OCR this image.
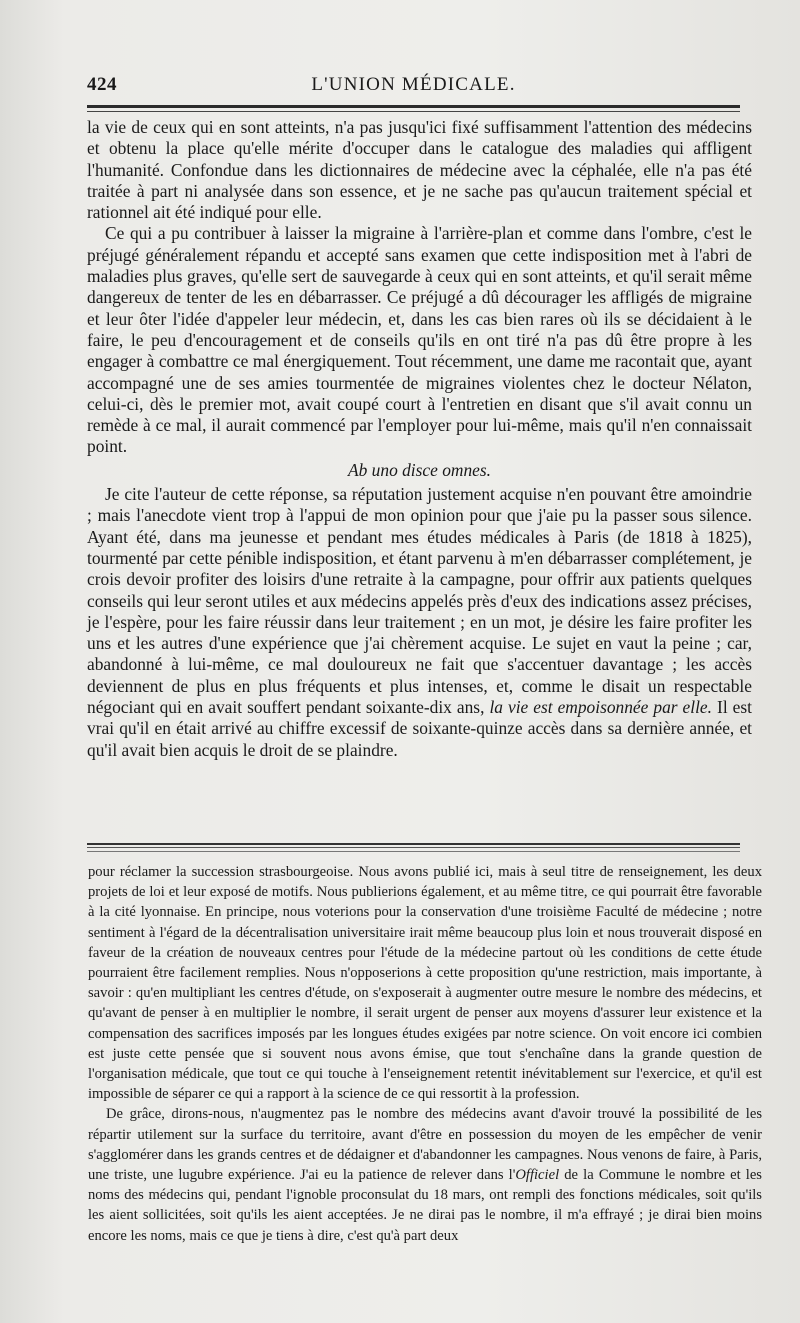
424	L'UNION MÉDICALE.

la vie de ceux qui en sont atteints, n'a pas jusqu'ici fixé suffisamment l'attention des médecins et obtenu la place qu'elle mérite d'occuper dans le catalogue des maladies qui affligent l'humanité. Confondue dans les dictionnaires de médecine avec la céphalée, elle n'a pas été traitée à part ni analysée dans son essence, et je ne sache pas qu'aucun traitement spécial et rationnel ait été indiqué pour elle.

Ce qui a pu contribuer à laisser la migraine à l'arrière-plan et comme dans l'ombre, c'est le préjugé généralement répandu et accepté sans examen que cette indisposition met à l'abri de maladies plus graves, qu'elle sert de sauvegarde à ceux qui en sont atteints, et qu'il serait même dangereux de tenter de les en débarrasser. Ce préjugé a dû décourager les affligés de migraine et leur ôter l'idée d'appeler leur médecin, et, dans les cas bien rares où ils se décidaient à le faire, le peu d'encouragement et de conseils qu'ils en ont tiré n'a pas dû être propre à les engager à combattre ce mal énergiquement. Tout récemment, une dame me racontait que, ayant accompagné une de ses amies tourmentée de migraines violentes chez le docteur Nélaton, celui-ci, dès le premier mot, avait coupé court à l'entretien en disant que s'il avait connu un remède à ce mal, il aurait commencé par l'employer pour lui-même, mais qu'il n'en connaissait point.

Ab uno disce omnes.

Je cite l'auteur de cette réponse, sa réputation justement acquise n'en pouvant être amoindrie ; mais l'anecdote vient trop à l'appui de mon opinion pour que j'aie pu la passer sous silence. Ayant été, dans ma jeunesse et pendant mes études médicales à Paris (de 1818 à 1825), tourmenté par cette pénible indisposition, et étant parvenu à m'en débarrasser complétement, je crois devoir profiter des loisirs d'une retraite à la campagne, pour offrir aux patients quelques conseils qui leur seront utiles et aux médecins appelés près d'eux des indications assez précises, je l'espère, pour les faire réussir dans leur traitement ; en un mot, je désire les faire profiter les uns et les autres d'une expérience que j'ai chèrement acquise. Le sujet en vaut la peine ; car, abandonné à lui-même, ce mal douloureux ne fait que s'accentuer davantage ; les accès deviennent de plus en plus fréquents et plus intenses, et, comme le disait un respectable négociant qui en avait souffert pendant soixante-dix ans, la vie est empoisonnée par elle. Il est vrai qu'il en était arrivé au chiffre excessif de soixante-quinze accès dans sa dernière année, et qu'il avait bien acquis le droit de se plaindre.

pour réclamer la succession strasbourgeoise. Nous avons publié ici, mais à seul titre de renseignement, les deux projets de loi et leur exposé de motifs. Nous publierions également, et au même titre, ce qui pourrait être favorable à la cité lyonnaise. En principe, nous voterions pour la conservation d'une troisième Faculté de médecine ; notre sentiment à l'égard de la décentralisation universitaire irait même beaucoup plus loin et nous trouverait disposé en faveur de la création de nouveaux centres pour l'étude de la médecine partout où les conditions de cette étude pourraient être facilement remplies. Nous n'opposerions à cette proposition qu'une restriction, mais importante, à savoir : qu'en multipliant les centres d'étude, on s'exposerait à augmenter outre mesure le nombre des médecins, et qu'avant de penser à en multiplier le nombre, il serait urgent de penser aux moyens d'assurer leur existence et la compensation des sacrifices imposés par les longues études exigées par notre science. On voit encore ici combien est juste cette pensée que si souvent nous avons émise, que tout s'enchaîne dans la grande question de l'organisation médicale, que tout ce qui touche à l'enseignement retentit inévitablement sur l'exercice, et qu'il est impossible de séparer ce qui a rapport à la science de ce qui ressortit à la profession.

De grâce, dirons-nous, n'augmentez pas le nombre des médecins avant d'avoir trouvé la possibilité de les répartir utilement sur la surface du territoire, avant d'être en possession du moyen de les empêcher de venir s'agglomérer dans les grands centres et de dédaigner et d'abandonner les campagnes. Nous venons de faire, à Paris, une triste, une lugubre expérience. J'ai eu la patience de relever dans l'Officiel de la Commune le nombre et les noms des médecins qui, pendant l'ignoble proconsulat du 18 mars, ont rempli des fonctions médicales, soit qu'ils les aient sollicitées, soit qu'ils les aient acceptées. Je ne dirai pas le nombre, il m'a effrayé ; je dirai bien moins encore les noms, mais ce que je tiens à dire, c'est qu'à part deux
